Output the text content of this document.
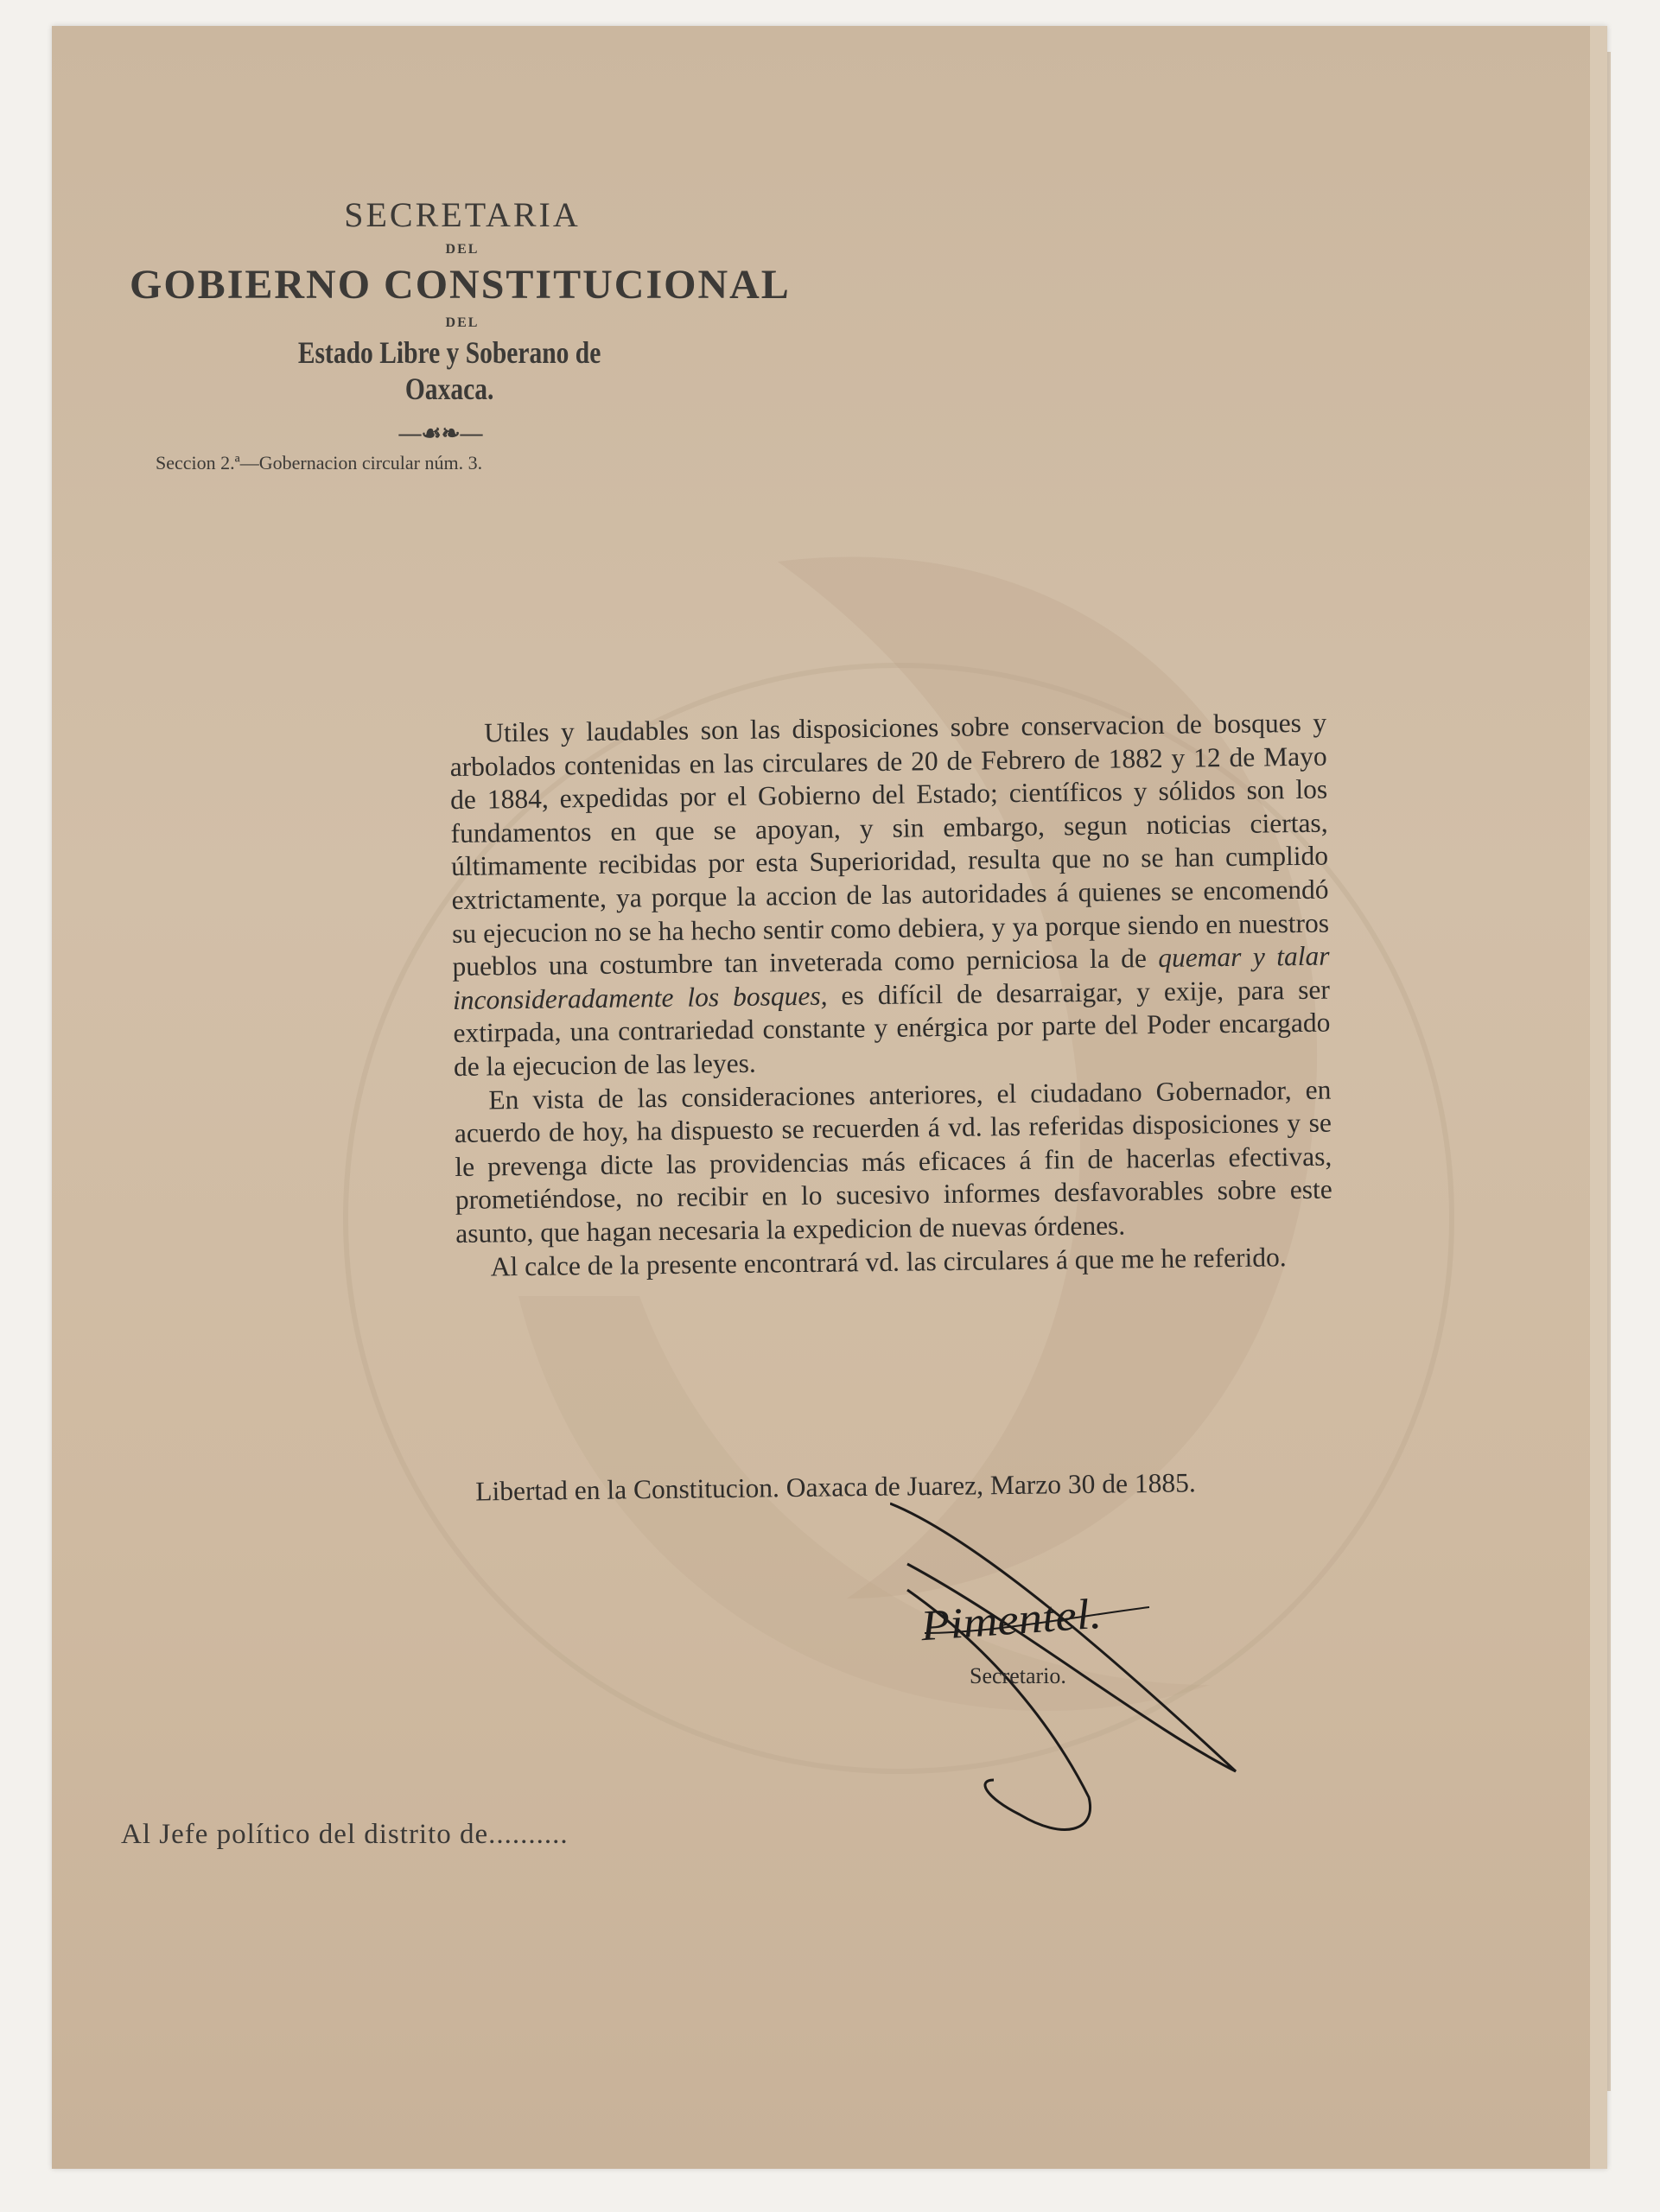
SECRETARIA

DEL

GOBIERNO CONSTITUCIONAL

DEL

Estado Libre y Soberano de Oaxaca.

—☙❧—

Seccion 2.ª—Gobernacion circular núm. 3.

Utiles y laudables son las disposiciones sobre conservacion de bosques y arbolados contenidas en las circulares de 20 de Febrero de 1882 y 12 de Mayo de 1884, expedidas por el Gobierno del Estado; científicos y sólidos son los fundamentos en que se apoyan, y sin embargo, segun noticias ciertas, últimamente recibidas por esta Superioridad, resulta que no se han cumplido extrictamente, ya porque la accion de las autoridades á quienes se encomendó su ejecucion no se ha hecho sentir como debiera, y ya porque siendo en nuestros pueblos una costumbre tan inveterada como perniciosa la de quemar y talar inconsideradamente los bosques, es difícil de desarraigar, y exije, para ser extirpada, una contrariedad constante y enérgica por parte del Poder encargado de la ejecucion de las leyes.

En vista de las consideraciones anteriores, el ciudadano Gobernador, en acuerdo de hoy, ha dispuesto se recuerden á vd. las referidas disposiciones y se le prevenga dicte las providencias más eficaces á fin de hacerlas efectivas, prometiéndose, no recibir en lo sucesivo informes desfavorables sobre este asunto, que hagan necesaria la expedicion de nuevas órdenes.

Al calce de la presente encontrará vd. las circulares á que me he referido.

Libertad en la Constitucion. Oaxaca de Juarez, Marzo 30 de 1885.

Pimentel.
Secretario.
Al Jefe político del distrito de..........
